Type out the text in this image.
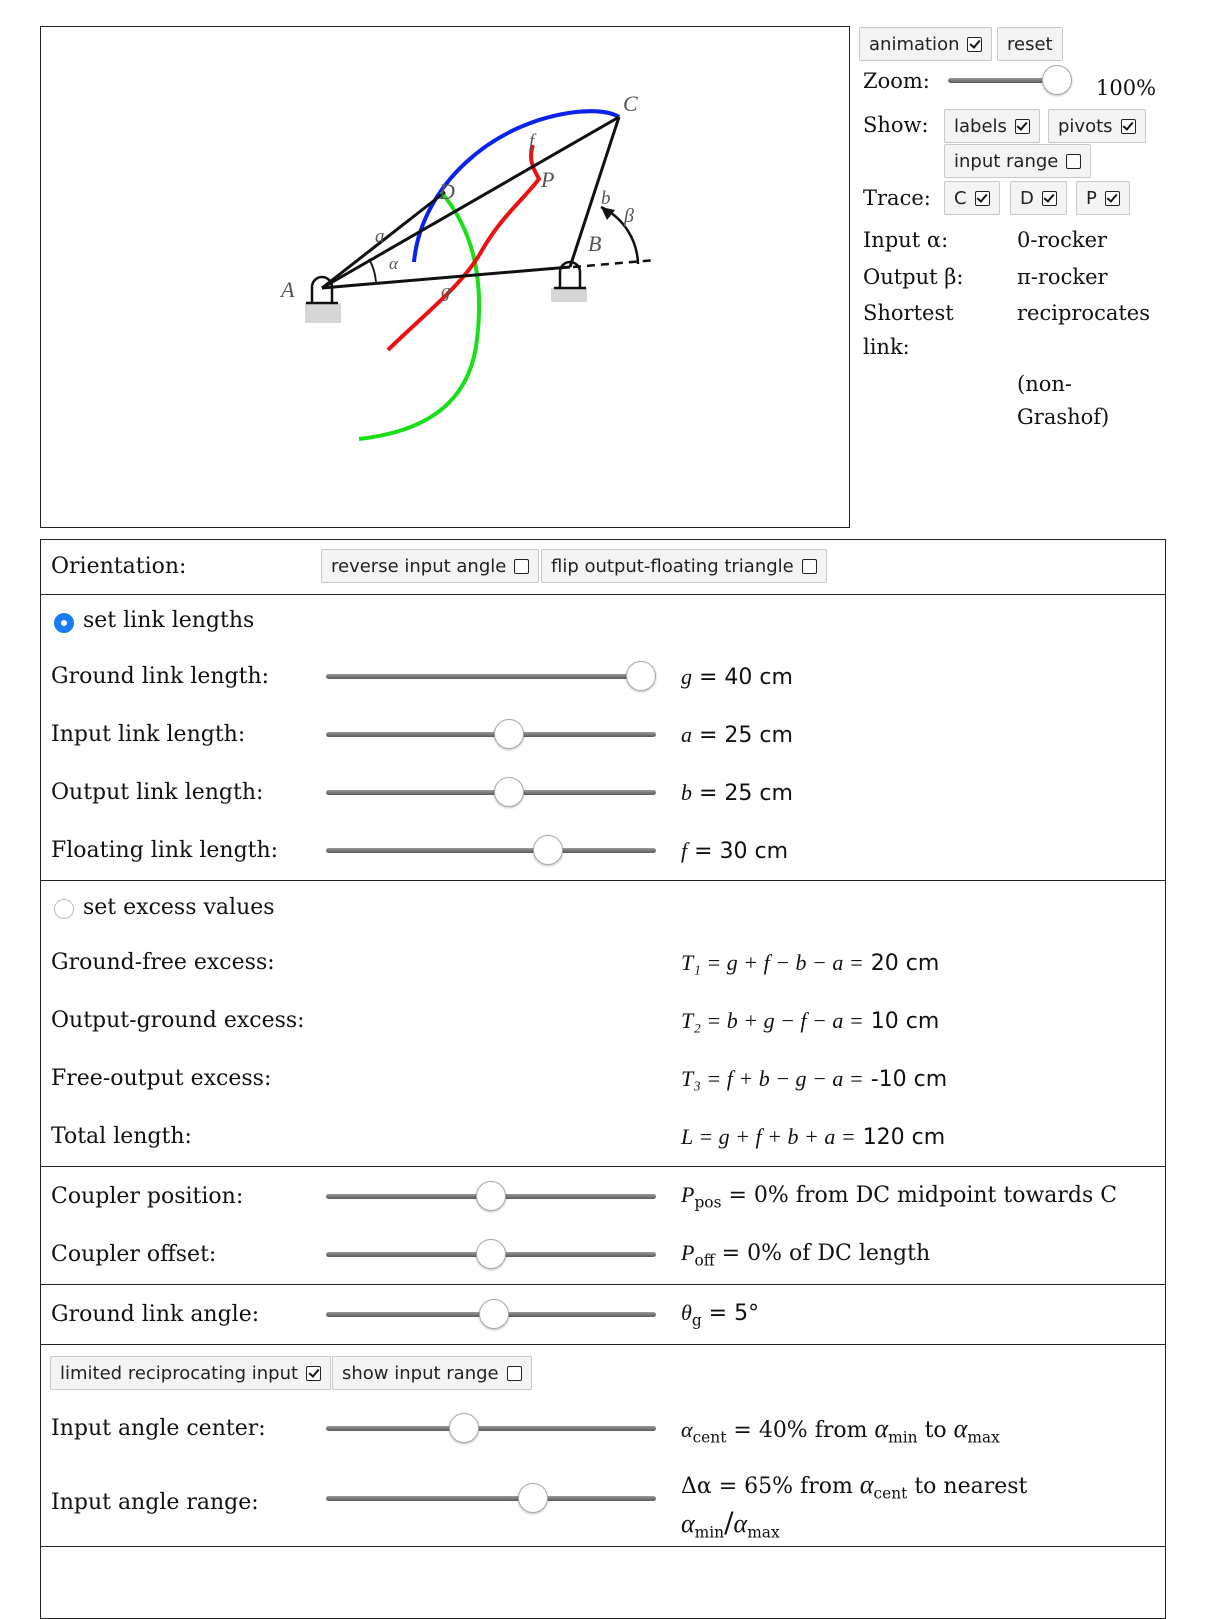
A
B
C
D	P
a
b
f
g
α
β
animation	reset
Zoom:	100%
Show: labels	pivots
input range
Trace: C	D	P
Input α:	0-rocker
Output β:	π-rocker
Shortest
link:
reciprocates
(non-
Grashof)
Orientation:	reverse input angle flip output-floating triangle
set link lengths
Ground link length:	g = 40 cm
Input link length:	a = 25 cm
Output link length:	b = 25 cm
Floating link length:	f = 30 cm
set excess values
Ground-free excess:	T₁ = g + f − b − a = 20 cm
Output-ground excess:	T₂ = b + g − f − a = 10 cm
Free-output excess:	T₃ = f + b − g − a = -10 cm
Total length:	L = g + f + b + a = 120 cm
Coupler position:	$P_{pos} = 0\%$ from DC midpoint towards C
Coupler offset:	$P_{off} = 0\%$ of DC length
Ground link angle:	$\theta_g = 5^\circ$
limited reciprocating input show input range
Input angle center:	$\alpha_{cent} = 40\%$ from $\alpha_{min}$ to $\alpha_{max}$
Input angle range:
Δα = 65% from $\alpha_{cent}$ to nearest
$\alpha_{min}/\alpha_{max}$
